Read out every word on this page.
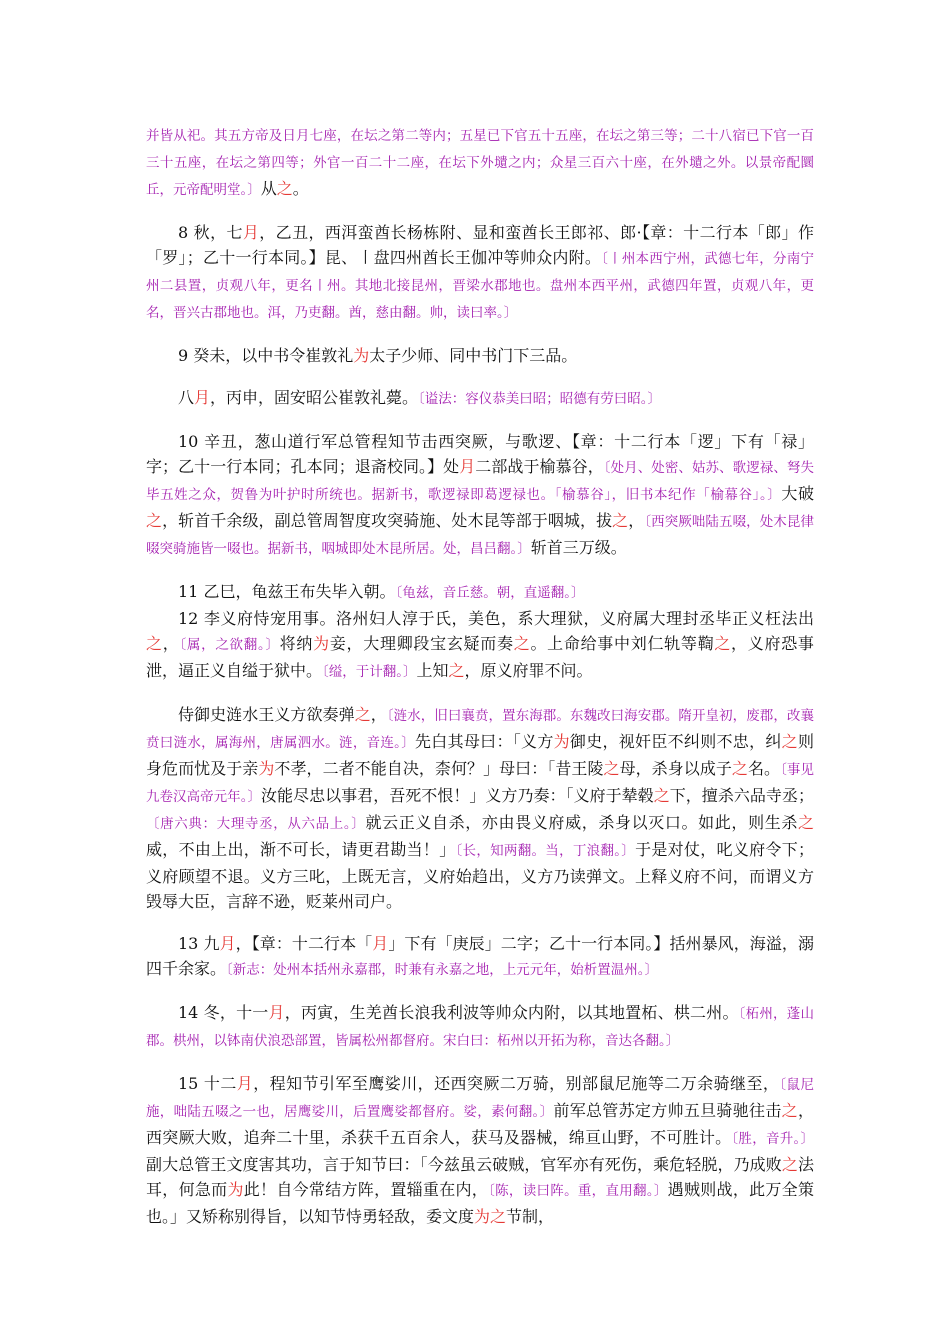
并皆从祀。其五方帝及日月七座，在坛之第二等内；五星已下官五十五座，在坛之第三等；二十八宿已下官一百三十五座，在坛之第四等；外官一百二十二座，在坛下外壝之内；众星三百六十座，在外壝之外。以景帝配圜丘，元帝配明堂。〕从之。
8 秋，七月，乙丑，西洱蛮酋长杨栋附、显和蛮酋长王郎祁、郎·【章：十二行本「郎」作「罗」；乙十一行本同。】昆、〡盘四州酋长王伽冲等帅众内附。〔〡州本西宁州，武德七年，分南宁州二县置，贞观八年，更名〡州。其地北接昆州，晋梁水郡地也。盘州本西平州，武德四年置，贞观八年，更名，晋兴古郡地也。洱，乃吏翻。酋，慈由翻。帅，读曰率。〕
9 癸未，以中书令崔敦礼为太子少师、同中书门下三品。
八月，丙申，固安昭公崔敦礼薨。〔谥法：容仪恭美曰昭；昭德有劳曰昭。〕
10 辛丑，葱山道行军总管程知节击西突厥，与歌逻、【章：十二行本「逻」下有「禄」字；乙十一行本同；孔本同；退斋校同。】处月二部战于榆慕谷，〔处月、处密、姑苏、歌逻禄、弩失毕五姓之众，贺鲁为叶护时所统也。据新书，歌逻禄即葛逻禄也。「榆慕谷」，旧书本纪作「榆幕谷」。〕大破之，斩首千余级，副总管周智度攻突骑施、处木昆等部于咽城，拔之，〔西突厥咄陆五啜，处木昆律啜突骑施皆一啜也。据新书，咽城即处木昆所居。处，昌吕翻。〕斩首三万级。
11 乙巳，龟兹王布失毕入朝。〔龟兹，音丘慈。朝，直遥翻。〕
12 李义府恃宠用事。洛州妇人淳于氏，美色，系大理狱，义府属大理封丞毕正义枉法出之，〔属，之欲翻。〕将纳为妾，大理卿段宝玄疑而奏之。上命给事中刘仁轨等鞫之，义府恐事泄，逼正义自缢于狱中。〔缢，于计翻。〕上知之，原义府罪不问。
侍御史涟水王义方欲奏弹之，〔涟水，旧曰襄贲，置东海郡。东魏改曰海安郡。隋开皇初，废郡，改襄贲曰涟水，属海州，唐属泗水。涟，音连。〕先白其母曰：「义方为御史，视奸臣不纠则不忠，纠之则身危而忧及于亲为不孝，二者不能自决，柰何？」母曰：「昔王陵之母，杀身以成子之名。〔事见九卷汉高帝元年。〕汝能尽忠以事君，吾死不恨！」义方乃奏：「义府于辇毂之下，擅杀六品寺丞；〔唐六典：大理寺丞，从六品上。〕就云正义自杀，亦由畏义府威，杀身以灭口。如此，则生杀之威，不由上出，渐不可长，请更君勘当！」〔长，知两翻。当，丁浪翻。〕于是对仗，叱义府令下；义府顾望不退。义方三叱，上既无言，义府始趋出，义方乃读弹文。上释义府不问，而谓义方毁辱大臣，言辞不逊，贬莱州司户。
13 九月，【章：十二行本「月」下有「庚辰」二字；乙十一行本同。】括州暴风，海溢，溺四千余家。〔新志：处州本括州永嘉郡，时兼有永嘉之地，上元元年，始析置温州。〕
14 冬，十一月，丙寅，生羌酋长浪我利波等帅众内附，以其地置柘、栱二州。〔柘州，蓬山郡。栱州，以钵南伏浪恐部置，皆属松州都督府。宋白曰：柘州以开拓为称，音达各翻。〕
15 十二月，程知节引军至鹰娑川，还西突厥二万骑，别部鼠尼施等二万余骑继至，〔鼠尼施，咄陆五啜之一也，居鹰娑川，后置鹰娑都督府。娑，素何翻。〕前军总管苏定方帅五旦骑驰往击之，西突厥大败，追奔二十里，杀获千五百余人，获马及器械，绵亘山野，不可胜计。〔胜，音升。〕副大总管王文度害其功，言于知节曰：「今兹虽云破贼，官军亦有死伤，乘危轻脱，乃成败之法耳，何急而为此！自今常结方阵，置辎重在内，〔陈，读曰阵。重，直用翻。〕遇贼则战，此万全策也。」又矫称别得旨，以知节恃勇轻敌，委文度为之节制，
